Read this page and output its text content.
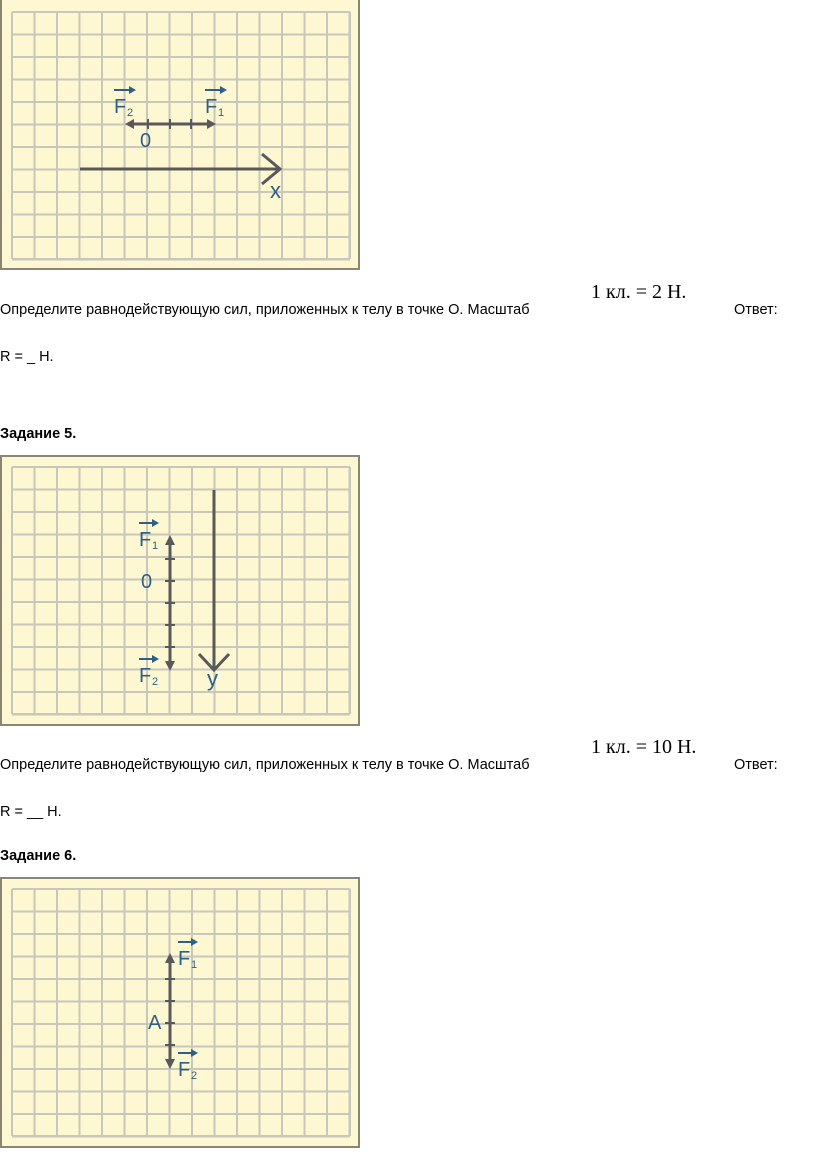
F 2	F 1
0
x
Определите равнодействующую сил, приложенных к телу в точке О. Масштаб
1 кл. = 2 Н.
Ответ:
R = _ Н.
Задание 5.
F 1
0
F 2 y
Определите равнодействующую сил, приложенных к телу в точке О. Масштаб
1 кл. = 10 Н.
Ответ:
R = __ Н.
Задание 6.
F 1
A
F 2
